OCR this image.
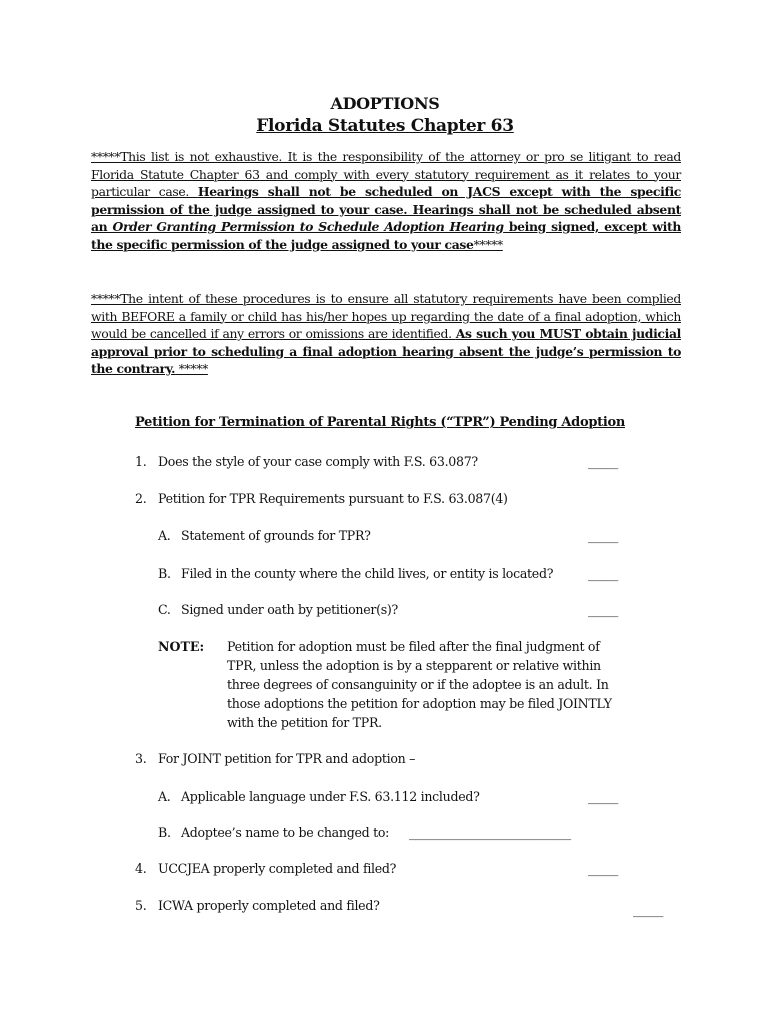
ADOPTIONS
Florida Statutes Chapter 63
*****This list is not exhaustive. It is the responsibility of the attorney or pro se litigant to read Florida Statute Chapter 63 and comply with every statutory requirement as it relates to your particular case. Hearings shall not be scheduled on JACS except with the specific permission of the judge assigned to your case. Hearings shall not be scheduled absent an Order Granting Permission to Schedule Adoption Hearing being signed, except with the specific permission of the judge assigned to your case*****
*****The intent of these procedures is to ensure all statutory requirements have been complied with BEFORE a family or child has his/her hopes up regarding the date of a final adoption, which would be cancelled if any errors or omissions are identified. As such you MUST obtain judicial approval prior to scheduling a final adoption hearing absent the judge’s permission to the contrary. *****
Petition for Termination of Parental Rights (“TPR”) Pending Adoption
1. Does the style of your case comply with F.S. 63.087?	_____
2. Petition for TPR Requirements pursuant to F.S. 63.087(4)
A. Statement of grounds for TPR?	_____
B. Filed in the county where the child lives, or entity is located?	_____
C. Signed under oath by petitioner(s)?	_____
NOTE: Petition for adoption must be filed after the final judgment of TPR, unless the adoption is by a stepparent or relative within three degrees of consanguinity or if the adoptee is an adult. In those adoptions the petition for adoption may be filed JOINTLY with the petition for TPR.
3. For JOINT petition for TPR and adoption –
A. Applicable language under F.S. 63.112 included?	_____
B. Adoptee’s name to be changed to: ___________________________
4. UCCJEA properly completed and filed?	_____
5. ICWA properly completed and filed?	_____
